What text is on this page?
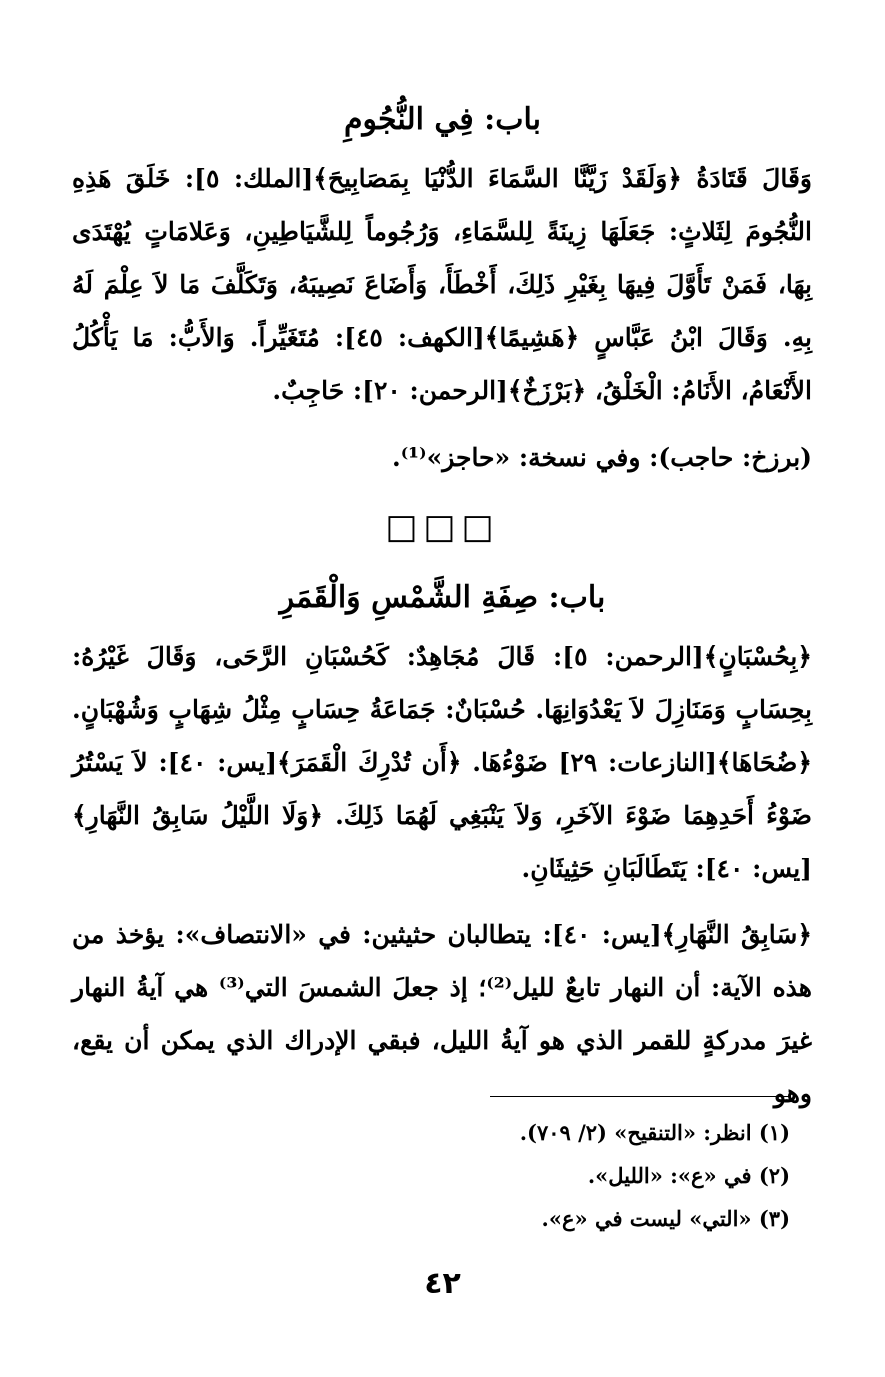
باب: فِي النُّجُومِ
وَقَالَ قَتَادَةُ ﴿وَلَقَدْ زَيَّنَّا السَّمَاءَ الدُّنْيَا بِمَصَابِيحَ﴾[الملك: ٥]: خَلَقَ هَذِهِ النُّجُومَ لِثَلاثٍ: جَعَلَهَا زِينَةً لِلسَّمَاءِ، وَرُجُوماً لِلشَّيَاطِينِ، وَعَلامَاتٍ يُهْتَدَى بِهَا، فَمَنْ تَأَوَّلَ فِيهَا بِغَيْرِ ذَلِكَ، أَخْطَأَ، وَأَضَاعَ نَصِيبَهُ، وَتَكَلَّفَ مَا لاَ عِلْمَ لَهُ بِهِ. وَقَالَ ابْنُ عَبَّاسٍ ﴿هَشِيمًا﴾[الكهف: ٤٥]: مُتَغَيِّراً. وَالأَبُّ: مَا يَأْكُلُ الأَنْعَامُ، الأَنَامُ: الْخَلْقُ، ﴿بَرْزَخٌ﴾[الرحمن: ٢٠]: حَاجِبٌ.
(برزخ: حاجب): وفي نسخة: «حاجز»⁽¹⁾.
□□□
باب: صِفَةِ الشَّمْسِ وَالْقَمَرِ
﴿بِحُسْبَانٍ﴾[الرحمن: ٥]: قَالَ مُجَاهِدٌ: كَحُسْبَانِ الرَّحَى، وَقَالَ غَيْرُهُ: بِحِسَابٍ وَمَنَازِلَ لاَ يَعْدُوَانِهَا. حُسْبَانٌ: جَمَاعَةُ حِسَابٍ مِثْلُ شِهَابٍ وَشُهْبَانٍ. ﴿ضُحَاهَا﴾[النازعات: ٢٩] ضَوْءُهَا. ﴿أَن تُدْرِكَ الْقَمَرَ﴾[يس: ٤٠]: لاَ يَسْتُرُ ضَوْءُ أَحَدِهِمَا ضَوْءَ الآخَرِ، وَلاَ يَنْبَغِي لَهُمَا ذَلِكَ. ﴿وَلَا اللَّيْلُ سَابِقُ النَّهَارِ﴾[يس: ٤٠]: يَتَطَالَبَانِ حَثِيثَانِ.
﴿سَابِقُ النَّهَارِ﴾[يس: ٤٠]: يتطالبان حثيثين: في «الانتصاف»: يؤخذ من هذه الآية: أن النهار تابعٌ لليل⁽²⁾؛ إذ جعلَ الشمسَ التي⁽³⁾ هي آيةُ النهار غيرَ مدركةٍ للقمر الذي هو آيةُ الليل، فبقي الإدراك الذي يمكن أن يقع، وهو
(١) انظر: «التنقيح» (٢/ ٧٠٩).
(٢) في «ع»: «الليل».
(٣) «التي» ليست في «ع».
٤٢
